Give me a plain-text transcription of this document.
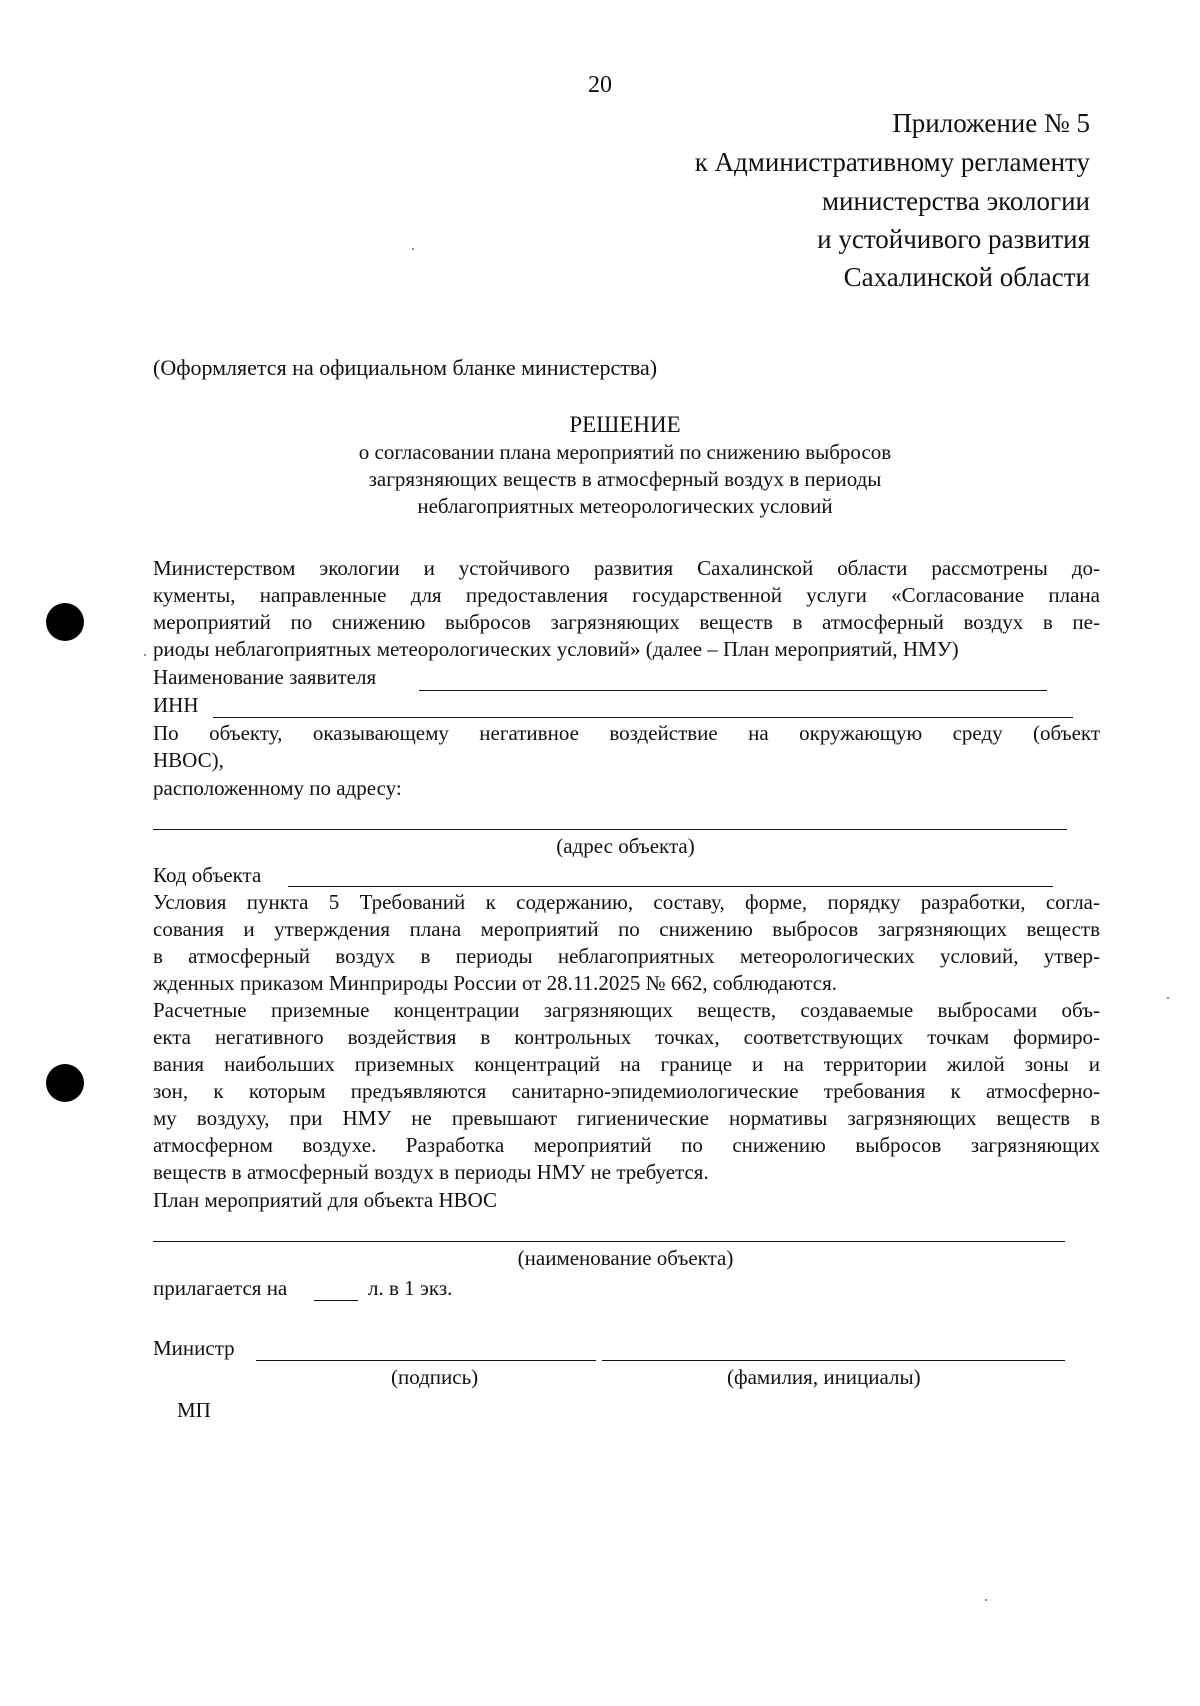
20
Приложение № 5
к Административному регламенту
министерства экологии
и устойчивого развития
Сахалинской области
(Оформляется на официальном бланке министерства)
РЕШЕНИЕ
о согласовании плана мероприятий по снижению выбросов
загрязняющих веществ в атмосферный воздух в периоды
неблагоприятных метеорологических условий
Министерством экологии и устойчивого развития Сахалинской области рассмотрены до-
кументы, направленные для предоставления государственной услуги «Согласование плана
мероприятий по снижению выбросов загрязняющих веществ в атмосферный воздух в пе-
риоды неблагоприятных метеорологических условий» (далее – План мероприятий, НМУ)
Наименование заявителя
ИНН
По объекту, оказывающему негативное воздействие на окружающую среду (объект
НВОС),
расположенному по адресу:
(адрес объекта)
Код объекта
Условия пункта 5 Требований к содержанию, составу, форме, порядку разработки, согла-
сования и утверждения плана мероприятий по снижению выбросов загрязняющих веществ
в атмосферный воздух в периоды неблагоприятных метеорологических условий, утвер-
жденных приказом Минприроды России от 28.11.2025 № 662, соблюдаются.
Расчетные приземные концентрации загрязняющих веществ, создаваемые выбросами объ-
екта негативного воздействия в контрольных точках, соответствующих точкам формиро-
вания наибольших приземных концентраций на границе и на территории жилой зоны и
зон, к которым предъявляются санитарно-эпидемиологические требования к атмосферно-
му воздуху, при НМУ не превышают гигиенические нормативы загрязняющих веществ в
атмосферном воздухе. Разработка мероприятий по снижению выбросов загрязняющих
веществ в атмосферный воздух в периоды НМУ не требуется.
План мероприятий для объекта НВОС
(наименование объекта)
прилагается на	л. в 1 экз.
Министр
(подпись)	(фамилия, инициалы)
МП
